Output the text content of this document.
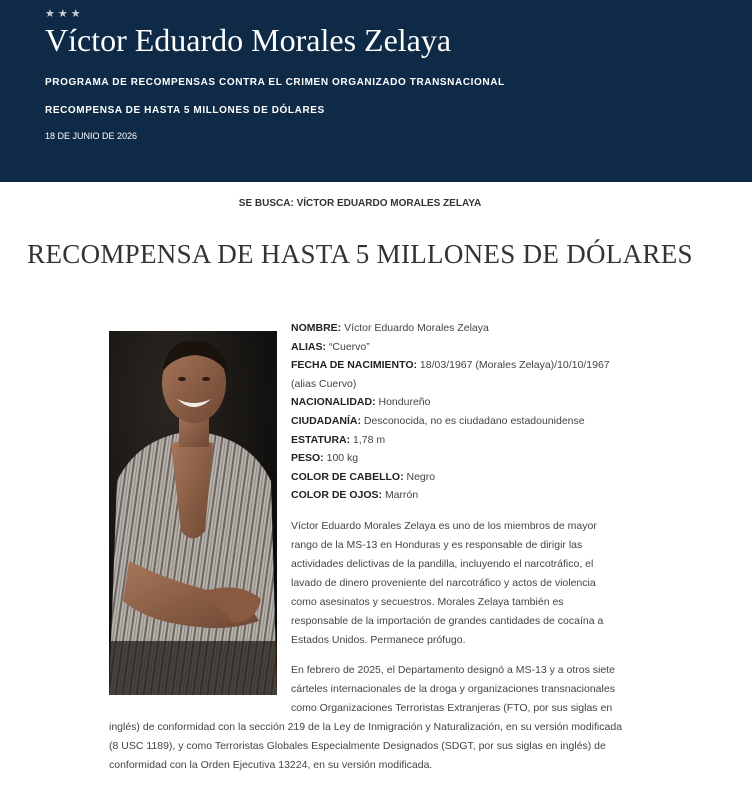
★★★
Víctor Eduardo Morales Zelaya
PROGRAMA DE RECOMPENSAS CONTRA EL CRIMEN ORGANIZADO TRANSNACIONAL
RECOMPENSA DE HASTA 5 MILLONES DE DÓLARES
18 DE JUNIO DE 2026
SE BUSCA: VÍCTOR EDUARDO MORALES ZELAYA
RECOMPENSA DE HASTA 5 MILLONES DE DÓLARES

NOMBRE: Víctor Eduardo Morales Zelaya

ALIAS: “Cuervo”

FECHA DE NACIMIENTO: 18/03/1967 (Morales Zelaya)/10/10/1967 (alias Cuervo)

NACIONALIDAD: Hondureño

CIUDADANÍA: Desconocida, no es ciudadano estadounidense

ESTATURA: 1,78 m

PESO: 100 kg

COLOR DE CABELLO: Negro

COLOR DE OJOS: Marrón

Víctor Eduardo Morales Zelaya es uno de los miembros de mayor rango de la MS-13 en Honduras y es responsable de dirigir las actividades delictivas de la pandilla, incluyendo el narcotráfico, el lavado de dinero proveniente del narcotráfico y actos de violencia como asesinatos y secuestros. Morales Zelaya también es responsable de la importación de grandes cantidades de cocaína a Estados Unidos. Permanece prófugo.

En febrero de 2025, el Departamento designó a MS-13 y a otros siete cárteles internacionales de la droga y organizaciones transnacionales como Organizaciones Terroristas Extranjeras (FTO, por sus siglas en inglés) de conformidad con la sección 219 de la Ley de Inmigración y Naturalización, en su versión modificada (8 USC 1189), y como Terroristas Globales Especialmente Designados (SDGT, por sus siglas en inglés) de conformidad con la Orden Ejecutiva 13224, en su versión modificada.
